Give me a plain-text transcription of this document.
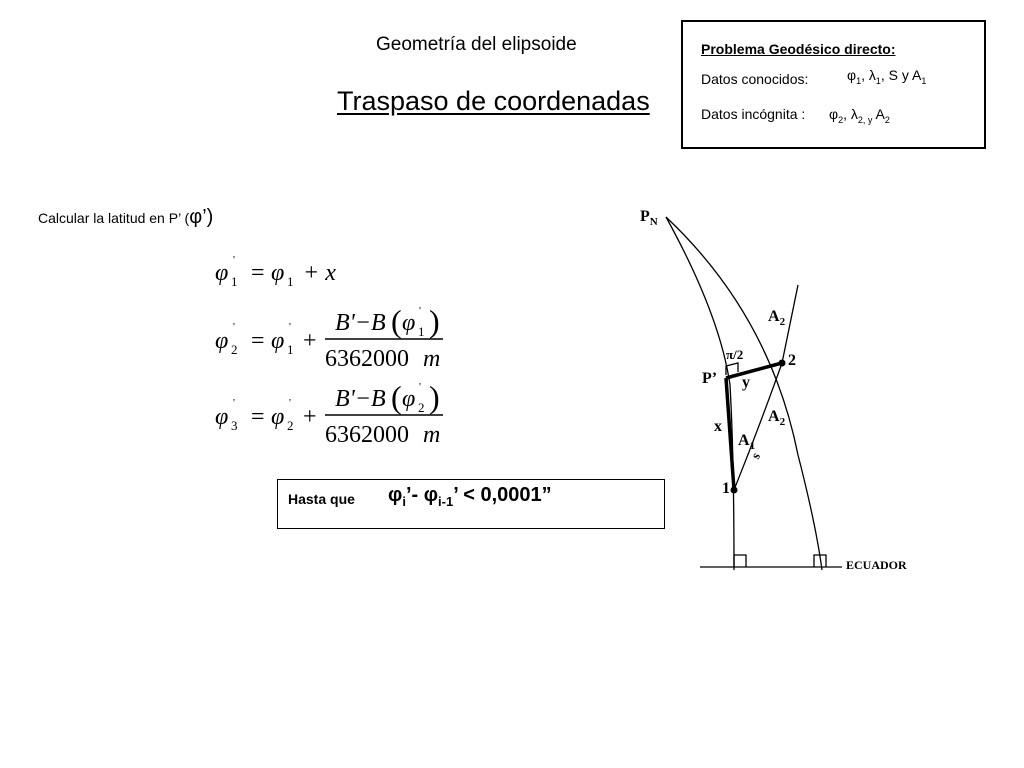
Geometría del elipsoide
Traspaso de coordenadas
Problema Geodésico directo:
Datos conocidos:	$\varphi_1$, $\lambda_1$, S y $A_1$
Datos incógnita : $\varphi_2$, $\lambda_{2, y}$ $A_2$
Calcular la latitud en P’ (φ’)
φ '
1 = φ 1 + x
φ
'
2 = φ
'
1 +
B'−B ( φ '
1 )
6362000 m
φ
'
3 = φ
'
2 +
B'−B ( φ '
2 )
6362000 m
Hasta que $\varphi_i’-$ $\varphi_{i-1}$’ < 0,0001”
$P_N$
P’
1
2
$A_2$
$A_2$
$A_1$
x
y
s
π/2
ECUADOR
